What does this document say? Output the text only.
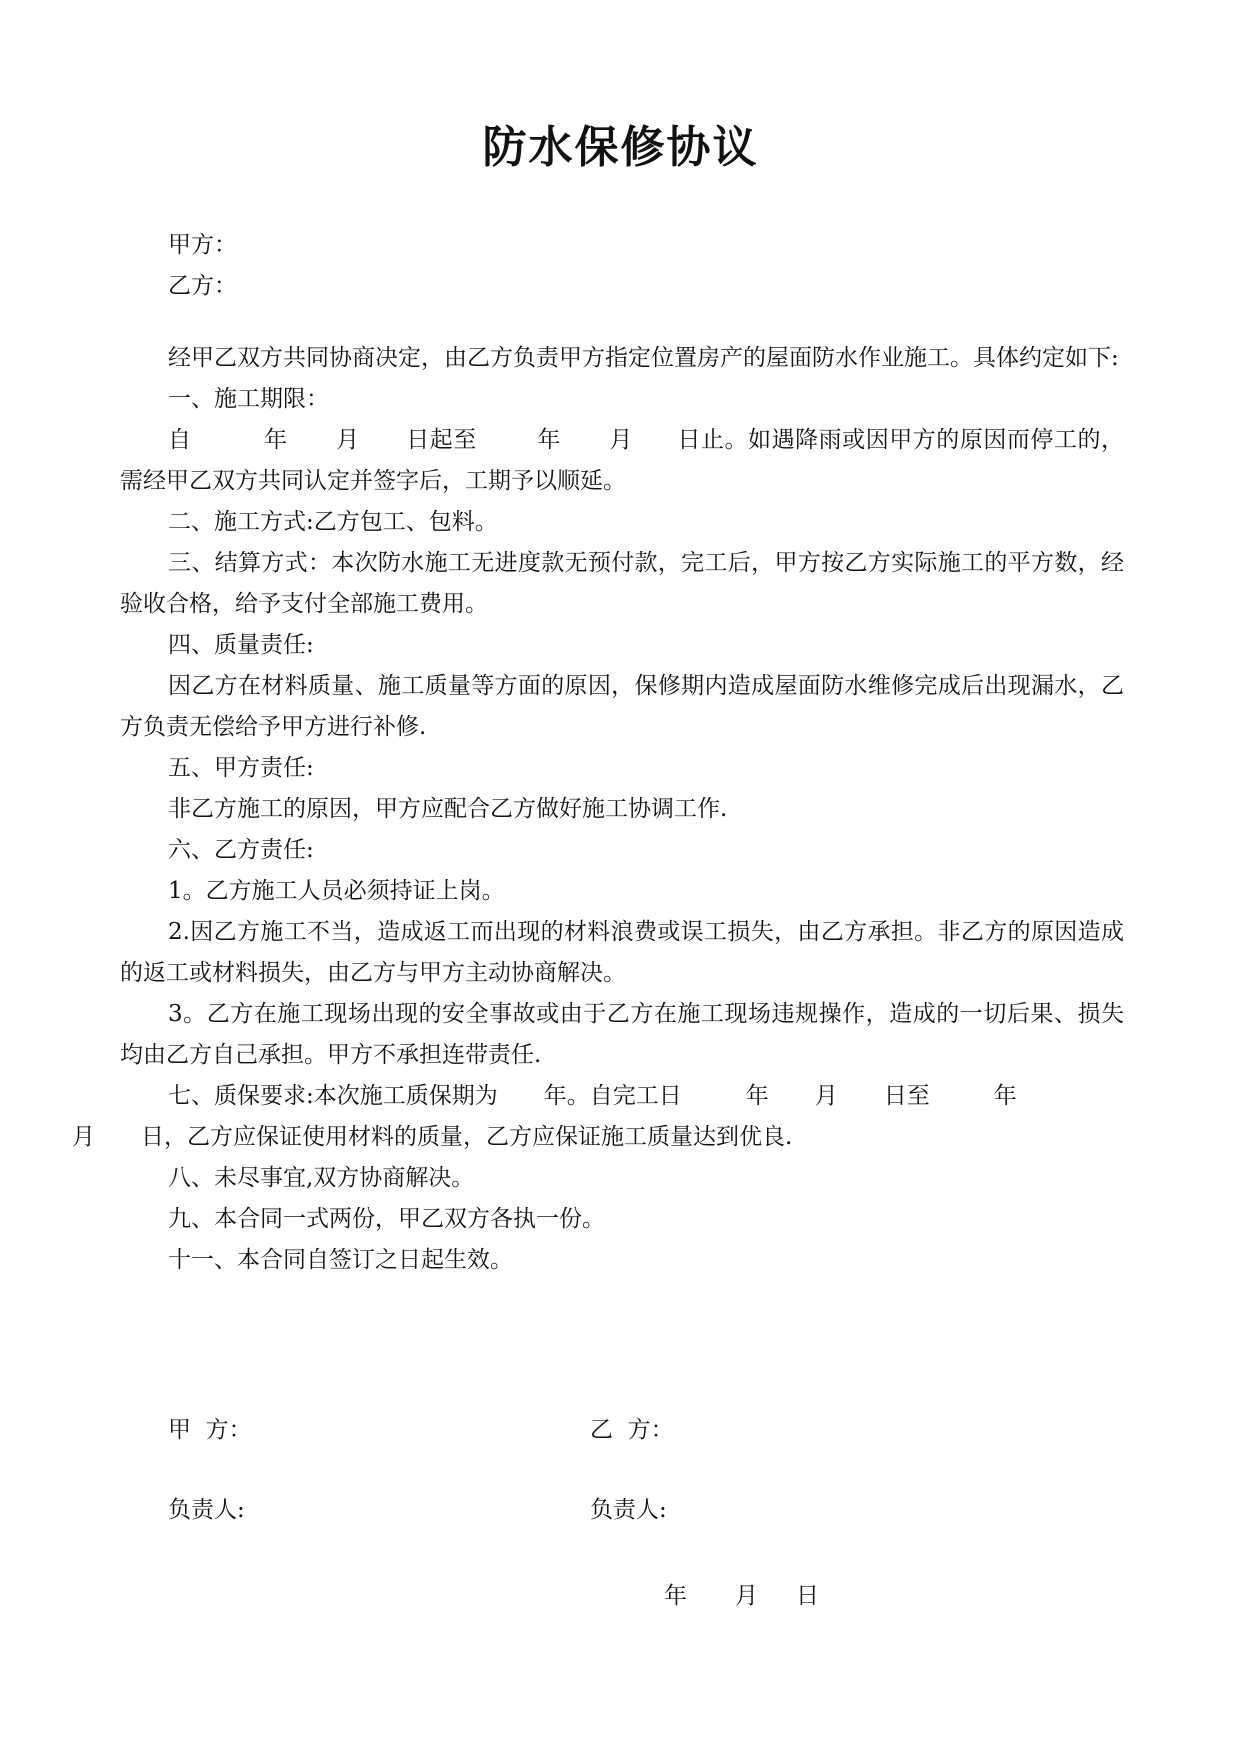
防水保修协议
甲方：
乙方：

经甲乙双方共同协商决定，由乙方负责甲方指定位置房产的屋面防水作业施工。具体约定如下:

一、施工期限：

自	年 月 日起至	年 月 日止。如遇降雨或因甲方的原因而停工的，需经甲乙双方共同认定并签字后，工期予以顺延。

二、施工方式:乙方包工、包料。

三、结算方式：本次防水施工无进度款无预付款，完工后，甲方按乙方实际施工的平方数，经验收合格，给予支付全部施工费用。

四、质量责任:

因乙方在材料质量、施工质量等方面的原因，保修期内造成屋面防水维修完成后出现漏水，乙方负责无偿给予甲方进行补修.

五、甲方责任:

非乙方施工的原因，甲方应配合乙方做好施工协调工作.

六、乙方责任:

1。乙方施工人员必须持证上岗。

2.因乙方施工不当，造成返工而出现的材料浪费或误工损失，由乙方承担。非乙方的原因造成的返工或材料损失，由乙方与甲方主动协商解决。

3。乙方在施工现场出现的安全事故或由于乙方在施工现场违规操作，造成的一切后果、损失均由乙方自己承担。甲方不承担连带责任.

七、质保要求:本次施工质保期为 年。自完工日	年 月 日至	年
月 日，乙方应保证使用材料的质量，乙方应保证施工质量达到优良.

八、未尽事宜,双方协商解决。

九、本合同一式两份，甲乙双方各执一份。

十一、本合同自签订之日起生效。

甲  方：	乙  方：
负责人:	负责人:
年 月 日
